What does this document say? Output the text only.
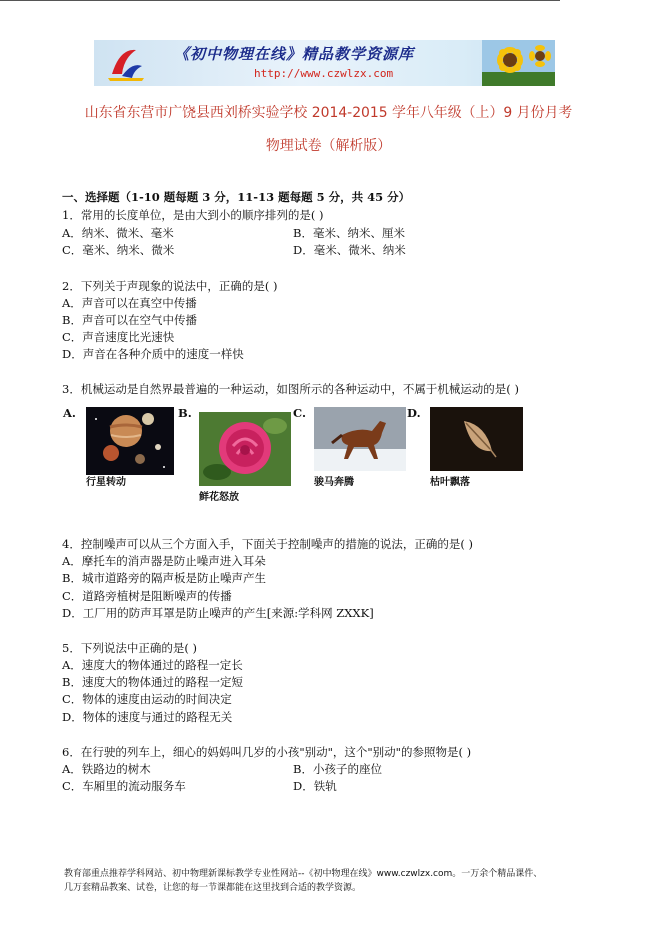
《初中物理在线》精品教学资源库
http://www.czwlzx.com
山东省东营市广饶县西刘桥实验学校 2014-2015 学年八年级（上）9 月份月考
物理试卷（解析版）
一、选择题（1-10 题每题 3 分，11-13 题每题 5 分，共 45 分）
1．常用的长度单位，是由大到小的顺序排列的是( )
A．纳米、微米、毫米	B．毫米、纳米、厘米
C．毫米、纳米、微米	D．毫米、微米、纳米
2．下列关于声现象的说法中，正确的是( )
A．声音可以在真空中传播
B．声音可以在空气中传播
C．声音速度比光速快
D．声音在各种介质中的速度一样快
3．机械运动是自然界最普遍的一种运动，如图所示的各种运动中，不属于机械运动的是( )
A.
行星转动
B.
鲜花怒放
C.
骏马奔腾
D.
枯叶飘落
4．控制噪声可以从三个方面入手，下面关于控制噪声的措施的说法，正确的是( )
A．摩托车的消声器是防止噪声进入耳朵
B．城市道路旁的隔声板是防止噪声产生
C．道路旁植树是阻断噪声的传播
D．工厂用的防声耳罩是防止噪声的产生[来源:学科网 ZXXK]
5．下列说法中正确的是( )
A．速度大的物体通过的路程一定长
B．速度大的物体通过的路程一定短
C．物体的速度由运动的时间决定
D．物体的速度与通过的路程无关
6．在行驶的列车上，细心的妈妈叫几岁的小孩"别动"，这个"别动"的参照物是( )
A．铁路边的树木	B．小孩子的座位
C．车厢里的流动服务车	D．铁轨
教育部重点推荐学科网站、初中物理新课标教学专业性网站--《初中物理在线》www.czwlzx.com。一万余个精品课件、
几万套精品教案、试卷，让您的每一节课都能在这里找到合适的教学资源。
